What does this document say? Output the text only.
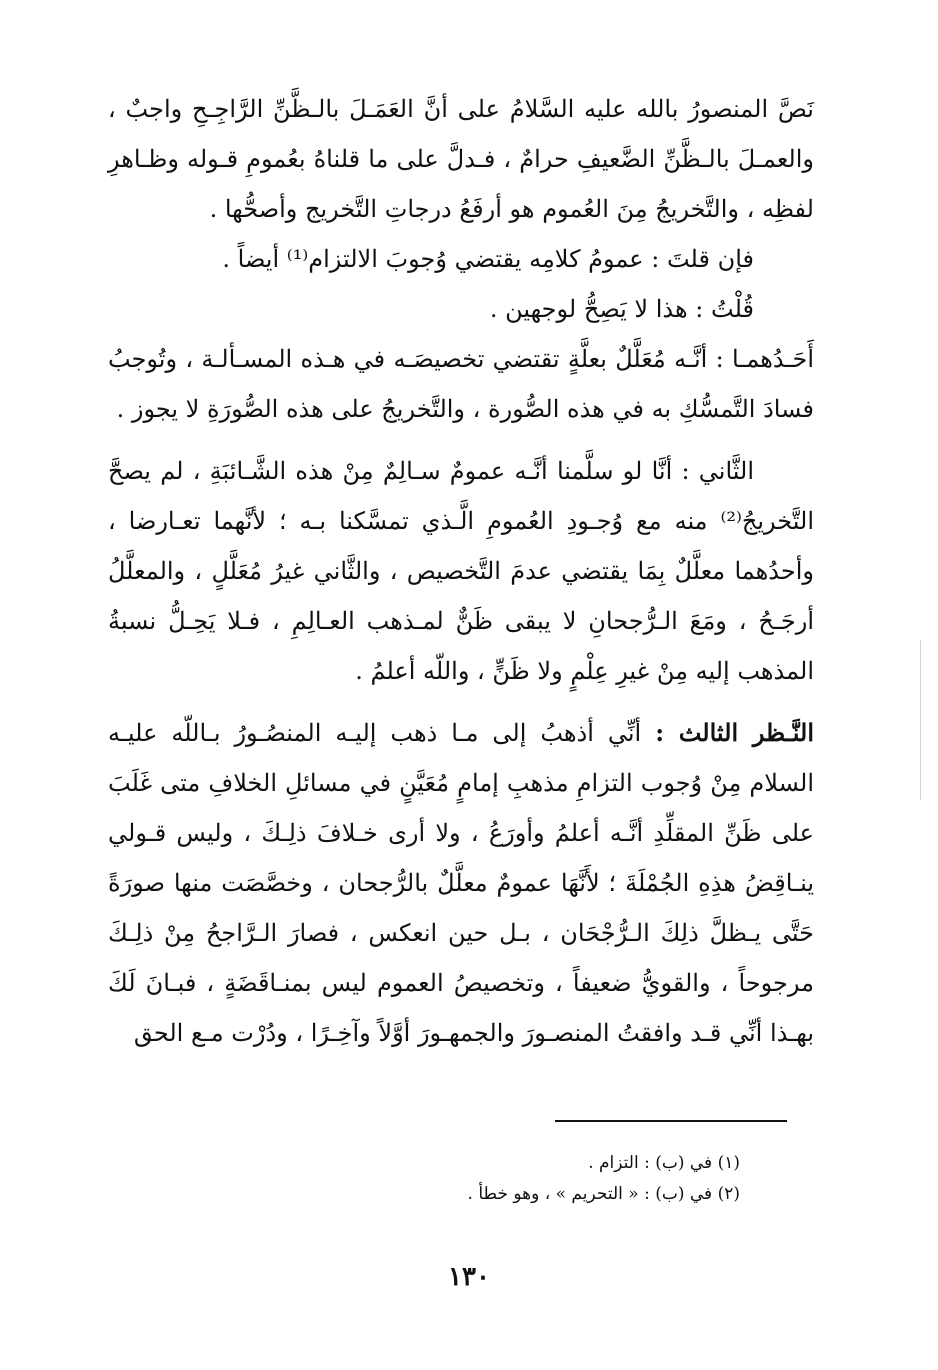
نَصَّ المنصورُ بالله عليه السَّلامُ على أنَّ العَمَـلَ بالـظَّنِّ الرَّاجِـحِ واجبٌ ، والعمـلَ بالـظَّنِّ الضَّعيفِ حرامٌ ، فـدلَّ على ما قلناهُ بعُمومِ قـوله وظـاهرِ لفظِه ، والتَّخريجُ مِنَ العُموم هو أرفَعُ درجاتِ التَّخريج وأصحُّها .

فإن قلتَ : عمومُ كلامِه يقتضي وُجوبَ الالتزام⁽¹⁾ أيضاً .

قُلْتُ : هذا لا يَصِحُّ لوجهين .

أَحَـدُهمـا : أنَّـه مُعَلَّلٌ بعلَّةٍ تقتضي تخصيصَـه في هـذه المسـألـة ، وتُوجبُ فسادَ التَّمسُّكِ به في هذه الصُّورة ، والتَّخريجُ على هذه الصُّورَةِ لا يجوز .

الثَّاني : أنَّا لو سلَّمنا أنَّـه عمومٌ سـالِمٌ مِنْ هذه الشَّـائبَةِ ، لم يصحَّ التَّخريجُ⁽²⁾ منه مع وُجـودِ العُمومِ الَّـذي تمسَّكنا بـه ؛ لأنَّهما تعـارضا ، وأحدُهما معلَّلٌ بِمَا يقتضي عدمَ التَّخصيص ، والثَّاني غيرُ مُعَلَّلٍ ، والمعلَّلُ أرجَـحُ ، ومَعَ الـرُّجحانِ لا يبقى ظَنٌّ لمـذهب العـالِمِ ، فـلا يَحِـلُّ نسبةُ المذهب إليه مِنْ غيرِ عِلْمٍ ولا ظَنٍّ ، واللّه أعلمُ .

النَّـظر الثالث : أنِّي أذهبُ إلى مـا ذهب إليـه المنصُـورُ بـاللّه عليـه السلام مِنْ وُجوب التزامِ مذهبِ إمامٍ مُعَيَّنٍ في مسائلِ الخلافِ متى غَلَبَ على ظَنِّ المقلِّدِ أنَّـه أعلمُ وأورَعُ ، ولا أرى خـلافَ ذلِـكَ ، وليس قـولي ينـاقِضُ هذِهِ الجُمْلَةَ ؛ لأَنَّهَا عمومٌ معلَّلٌ بالرُّجحان ، وخصَّصَت منها صورَةً حَتَّى يـظلَّ ذلِكَ الـرُّجْحَان ، بـل حين انعكس ، فصارَ الـرَّاجحُ مِنْ ذلِـكَ مرجوحاً ، والقويُّ ضعيفاً ، وتخصيصُ العموم ليس بمنـاقَضَةٍ ، فبـانَ لَكَ بهـذا أنِّي قـد وافقتُ المنصـورَ والجمهـورَ أوَّلاً وآخِـرًا ، ودُرْت مـع الحق

(١) في (ب) : التزام .

(٢) في (ب) : « التحريم » ، وهو خطأ .

١٣٠
